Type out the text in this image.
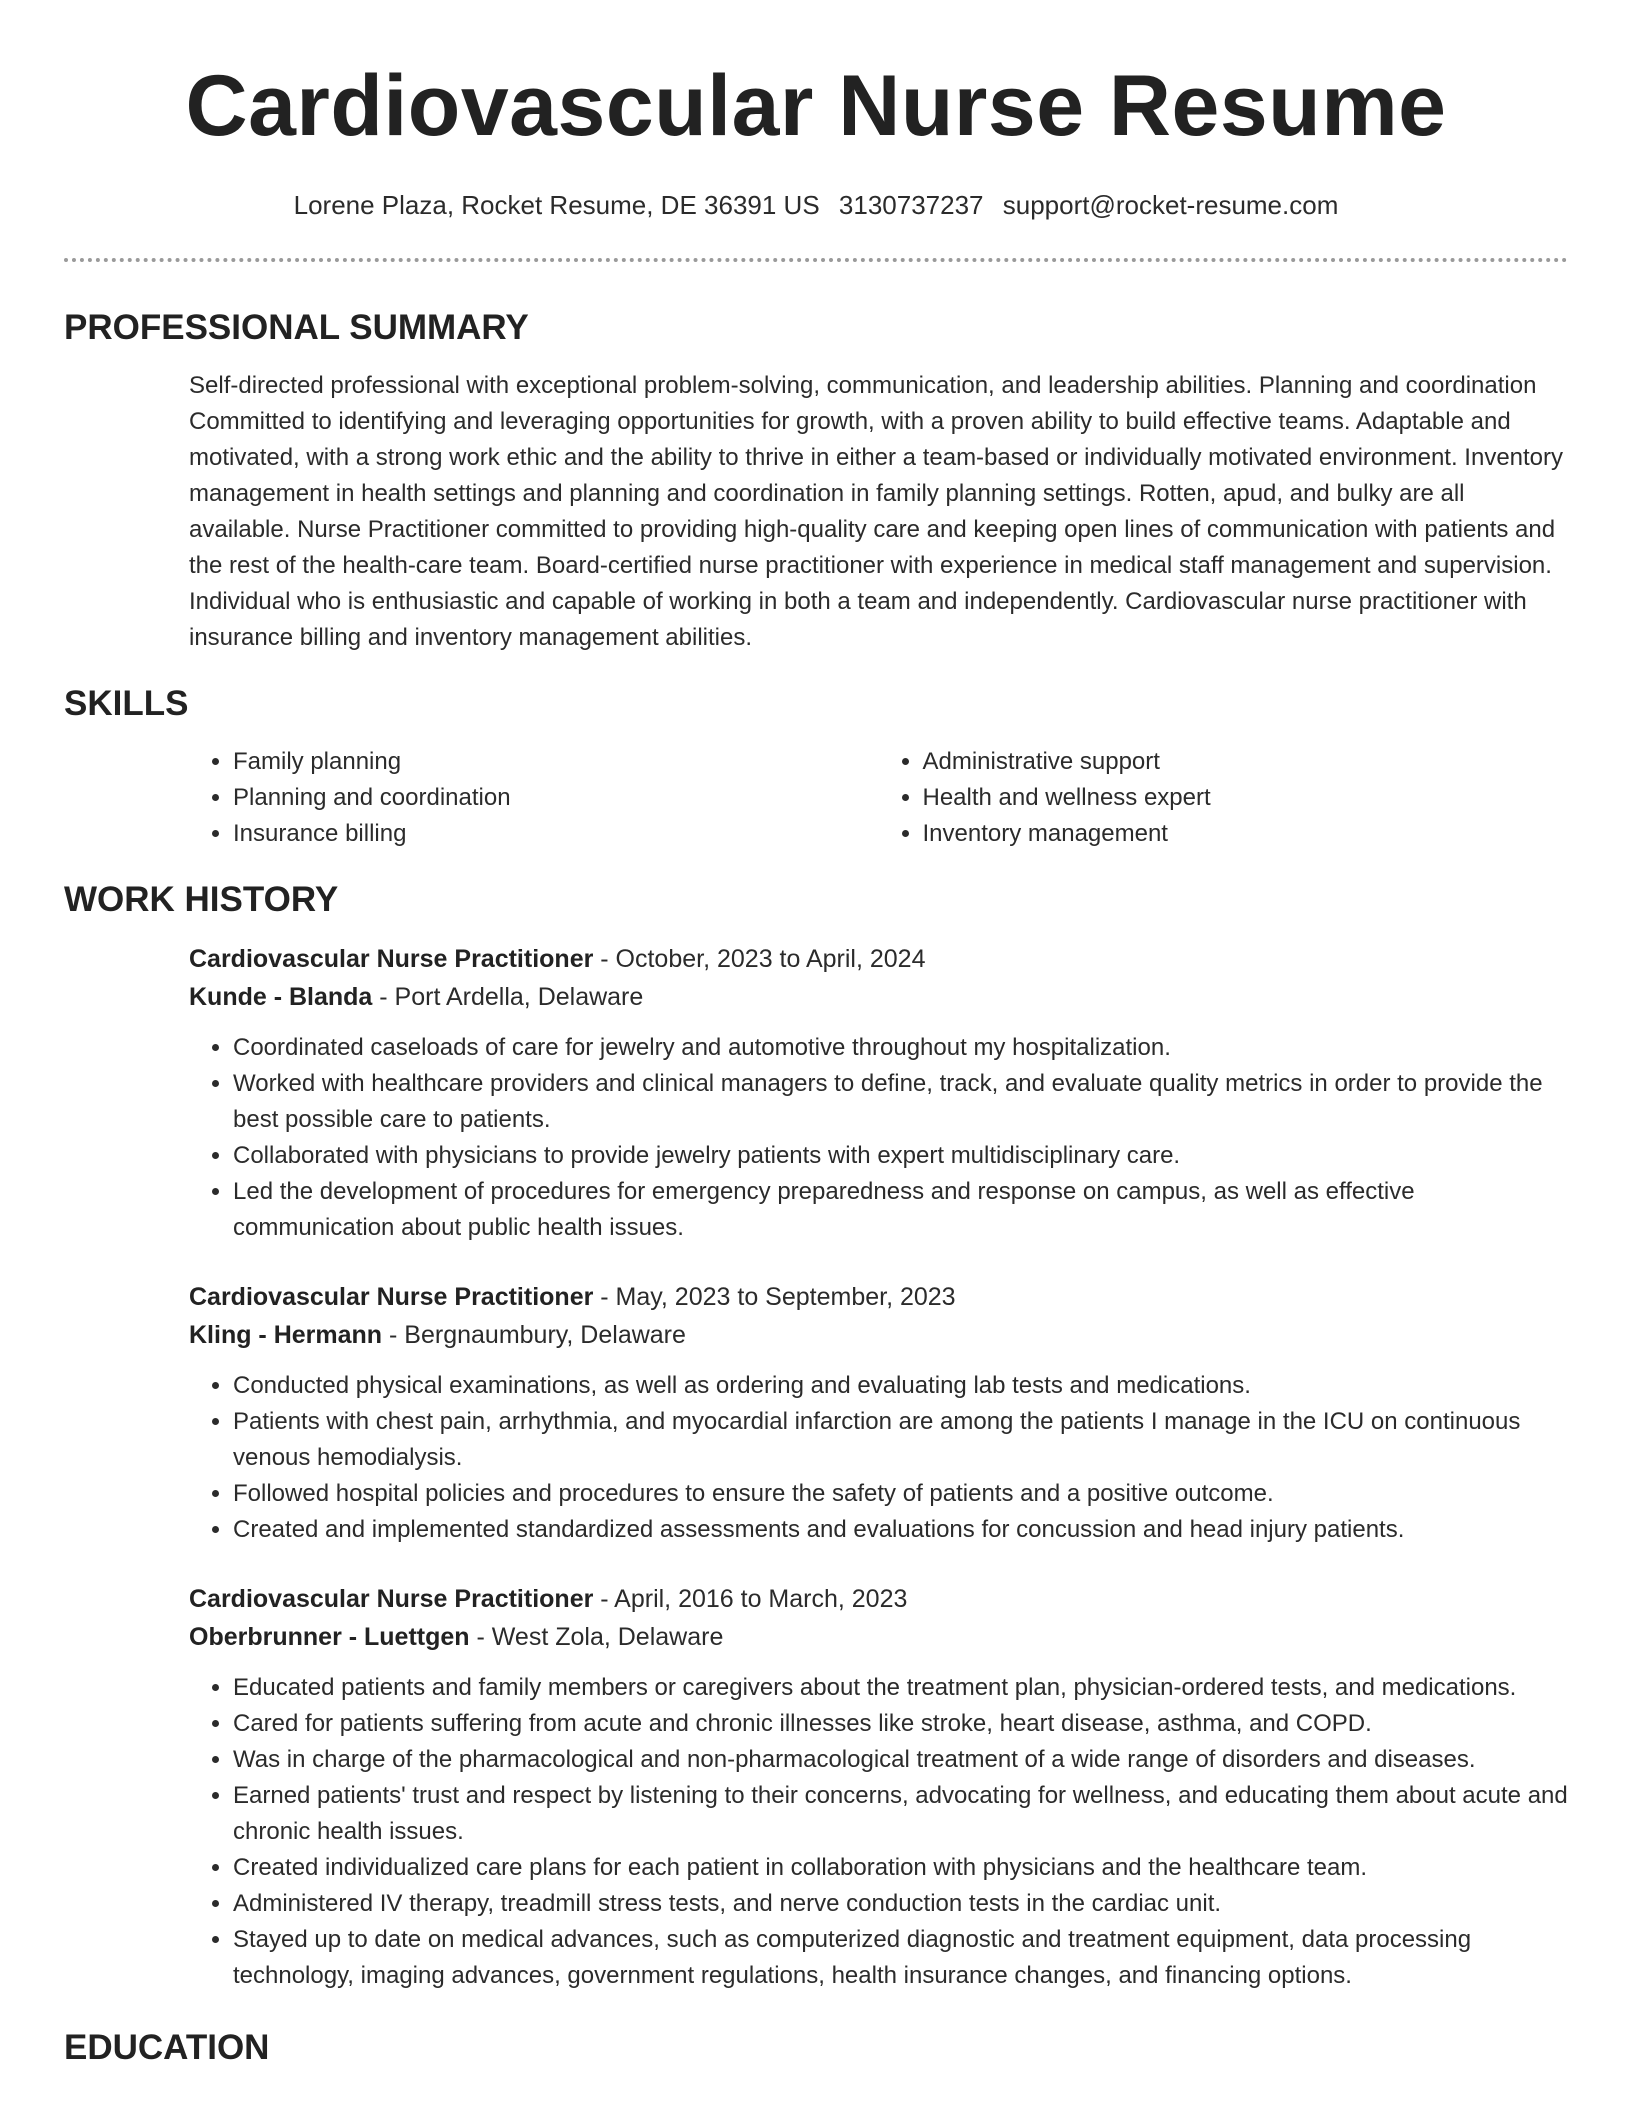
Cardiovascular Nurse Resume
Lorene Plaza, Rocket Resume, DE 36391 US 3130737237 support@rocket-resume.com
PROFESSIONAL SUMMARY

Self-directed professional with exceptional problem-solving, communication, and leadership abilities. Planning and coordination Committed to identifying and leveraging opportunities for growth, with a proven ability to build effective teams. Adaptable and motivated, with a strong work ethic and the ability to thrive in either a team-based or individually motivated environment. Inventory management in health settings and planning and coordination in family planning settings. Rotten, apud, and bulky are all available. Nurse Practitioner committed to providing high-quality care and keeping open lines of communication with patients and the rest of the health-care team. Board-certified nurse practitioner with experience in medical staff management and supervision. Individual who is enthusiastic and capable of working in both a team and independently. Cardiovascular nurse practitioner with insurance billing and inventory management abilities.

SKILLS
• Family planning
• Planning and coordination
• Insurance billing
• Administrative support
• Health and wellness expert
• Inventory management
WORK HISTORY
Cardiovascular Nurse Practitioner - October, 2023 to April, 2024
Kunde - Blanda - Port Ardella, Delaware
• Coordinated caseloads of care for jewelry and automotive throughout my hospitalization.
• Worked with healthcare providers and clinical managers to define, track, and evaluate quality metrics in order to provide the best possible care to patients.
• Collaborated with physicians to provide jewelry patients with expert multidisciplinary care.
• Led the development of procedures for emergency preparedness and response on campus, as well as effective communication about public health issues.
Cardiovascular Nurse Practitioner - May, 2023 to September, 2023
Kling - Hermann - Bergnaumbury, Delaware
• Conducted physical examinations, as well as ordering and evaluating lab tests and medications.
• Patients with chest pain, arrhythmia, and myocardial infarction are among the patients I manage in the ICU on continuous venous hemodialysis.
• Followed hospital policies and procedures to ensure the safety of patients and a positive outcome.
• Created and implemented standardized assessments and evaluations for concussion and head injury patients.
Cardiovascular Nurse Practitioner - April, 2016 to March, 2023
Oberbrunner - Luettgen - West Zola, Delaware
• Educated patients and family members or caregivers about the treatment plan, physician-ordered tests, and medications.
• Cared for patients suffering from acute and chronic illnesses like stroke, heart disease, asthma, and COPD.
• Was in charge of the pharmacological and non-pharmacological treatment of a wide range of disorders and diseases.
• Earned patients' trust and respect by listening to their concerns, advocating for wellness, and educating them about acute and chronic health issues.
• Created individualized care plans for each patient in collaboration with physicians and the healthcare team.
• Administered IV therapy, treadmill stress tests, and nerve conduction tests in the cardiac unit.
• Stayed up to date on medical advances, such as computerized diagnostic and treatment equipment, data processing technology, imaging advances, government regulations, health insurance changes, and financing options.
EDUCATION
